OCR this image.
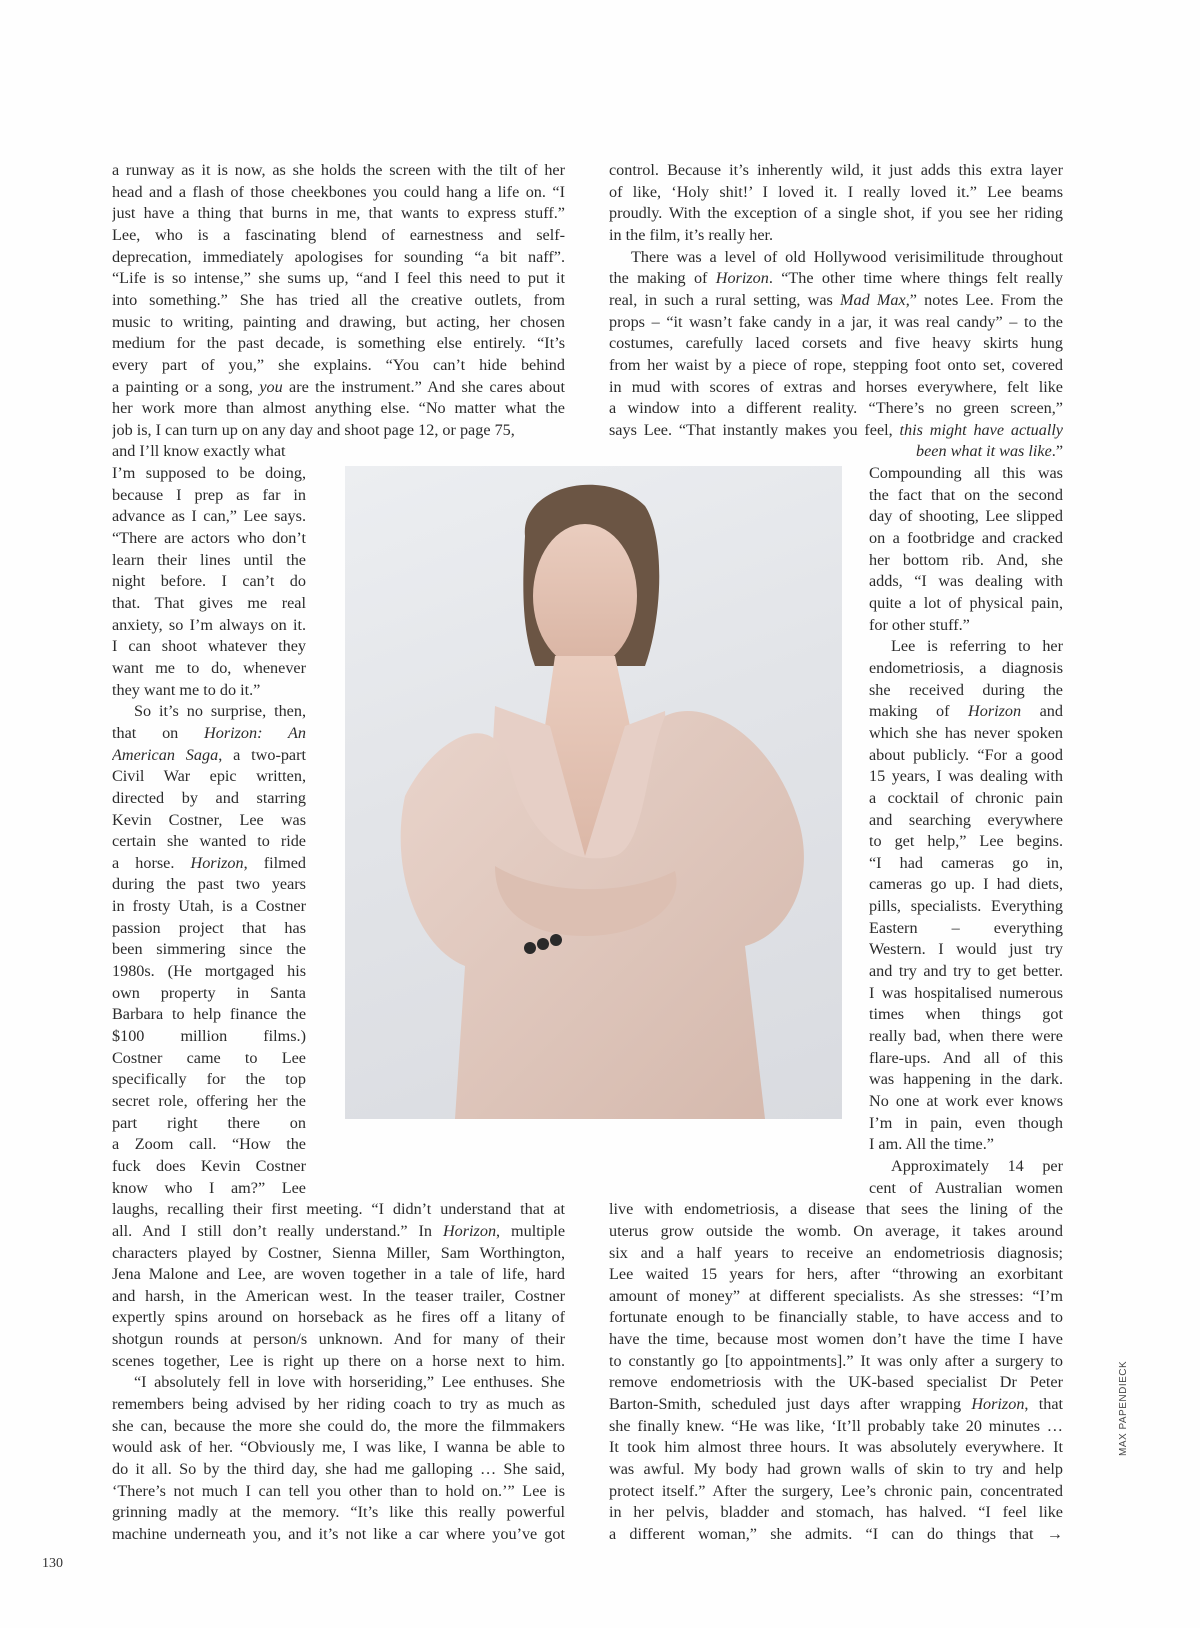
a runway as it is now, as she holds the screen with the tilt of her
head and a flash of those cheekbones you could hang a life on. “I
just have a thing that burns in me, that wants to express stuff.”
Lee, who is a fascinating blend of earnestness and self-
deprecation, immediately apologises for sounding “a bit naff”.
“Life is so intense,” she sums up, “and I feel this need to put it
into something.” She has tried all the creative outlets, from
music to writing, painting and drawing, but acting, her chosen
medium for the past decade, is something else entirely. “It’s
every part of you,” she explains. “You can’t hide behind
a painting or a song, you are the instrument.” And she cares about
her work more than almost anything else. “No matter what the
job is, I can turn up on any day and shoot page 12, or page 75,
and I’ll know exactly what
I’m supposed to be doing,
because I prep as far in
advance as I can,” Lee says.
“There are actors who don’t
learn their lines until the
night before. I can’t do
that. That gives me real
anxiety, so I’m always on it.
I can shoot whatever they
want me to do, whenever
they want me to do it.”
So it’s no surprise, then,
that on Horizon: An
American Saga, a two-part
Civil War epic written,
directed by and starring
Kevin Costner, Lee was
certain she wanted to ride
a horse. Horizon, filmed
during the past two years
in frosty Utah, is a Costner
passion project that has
been simmering since the
1980s. (He mortgaged his
own property in Santa
Barbara to help finance the
$100 million films.)
Costner came to Lee
specifically for the top
secret role, offering her the
part right there on
a Zoom call. “How the
fuck does Kevin Costner
know who I am?” Lee
laughs, recalling their first meeting. “I didn’t understand that at
all. And I still don’t really understand.” In Horizon, multiple
characters played by Costner, Sienna Miller, Sam Worthington,
Jena Malone and Lee, are woven together in a tale of life, hard
and harsh, in the American west. In the teaser trailer, Costner
expertly spins around on horseback as he fires off a litany of
shotgun rounds at person/s unknown. And for many of their
scenes together, Lee is right up there on a horse next to him.
“I absolutely fell in love with horseriding,” Lee enthuses. She
remembers being advised by her riding coach to try as much as
she can, because the more she could do, the more the filmmakers
would ask of her. “Obviously me, I was like, I wanna be able to
do it all. So by the third day, she had me galloping … She said,
‘There’s not much I can tell you other than to hold on.’” Lee is
grinning madly at the memory. “It’s like this really powerful
machine underneath you, and it’s not like a car where you’ve got
control. Because it’s inherently wild, it just adds this extra layer
of like, ‘Holy shit!’ I loved it. I really loved it.” Lee beams
proudly. With the exception of a single shot, if you see her riding
in the film, it’s really her.
There was a level of old Hollywood verisimilitude throughout
the making of Horizon. “The other time where things felt really
real, in such a rural setting, was Mad Max,” notes Lee. From the
props – “it wasn’t fake candy in a jar, it was real candy” – to the
costumes, carefully laced corsets and five heavy skirts hung
from her waist by a piece of rope, stepping foot onto set, covered
in mud with scores of extras and horses everywhere, felt like
a window into a different reality. “There’s no green screen,”
says Lee. “That instantly makes you feel, this might have actually
been what it was like.”
Compounding all this was
the fact that on the second
day of shooting, Lee slipped
on a footbridge and cracked
her bottom rib. And, she
adds, “I was dealing with
quite a lot of physical pain,
for other stuff.”
Lee is referring to her
endometriosis, a diagnosis
she received during the
making of Horizon and
which she has never spoken
about publicly. “For a good
15 years, I was dealing with
a cocktail of chronic pain
and searching everywhere
to get help,” Lee begins.
“I had cameras go in,
cameras go up. I had diets,
pills, specialists. Everything
Eastern – everything
Western. I would just try
and try and try to get better.
I was hospitalised numerous
times when things got
really bad, when there were
flare-ups. And all of this
was happening in the dark.
No one at work ever knows
I’m in pain, even though
I am. All the time.”
Approximately 14 per
cent of Australian women
live with endometriosis, a disease that sees the lining of the
uterus grow outside the womb. On average, it takes around
six and a half years to receive an endometriosis diagnosis;
Lee waited 15 years for hers, after “throwing an exorbitant
amount of money” at different specialists. As she stresses: “I’m
fortunate enough to be financially stable, to have access and to
have the time, because most women don’t have the time I have
to constantly go [to appointments].” It was only after a surgery to
remove endometriosis with the UK-based specialist Dr Peter
Barton-Smith, scheduled just days after wrapping Horizon, that
she finally knew. “He was like, ‘It’ll probably take 20 minutes …
It took him almost three hours. It was absolutely everywhere. It
was awful. My body had grown walls of skin to try and help
protect itself.” After the surgery, Lee’s chronic pain, concentrated
in her pelvis, bladder and stomach, has halved. “I feel like
a different woman,” she admits. “I can do things that →
130
MAX PAPENDIECK
